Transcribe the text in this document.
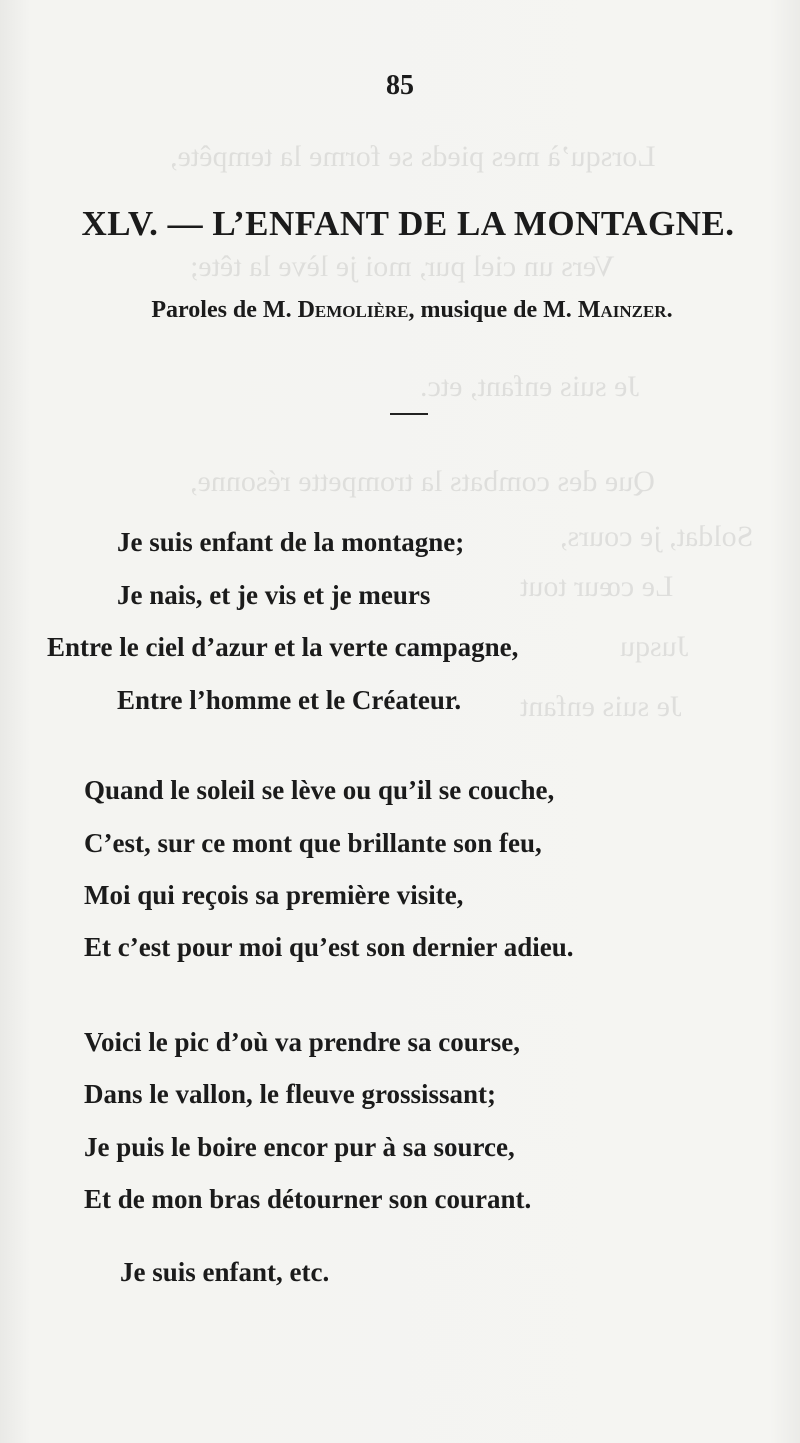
Lorsqu’à mes pieds se forme la tempête,
Vers un ciel pur, moi je lève la tête;
Je suis enfant, etc.
Que des combats la trompette résonne,
Soldat, je cours,
Le cœur tout
Jusqu
Je suis enfant
85
XLV. — L’ENFANT DE LA MONTAGNE.
Paroles de M. Demolière, musique de M. Mainzer.
Je suis enfant de la montagne;
Je nais, et je vis et je meurs
Entre le ciel d’azur et la verte campagne,
Entre l’homme et le Créateur.
Quand le soleil se lève ou qu’il se couche,
C’est, sur ce mont que brillante son feu,
Moi qui reçois sa première visite,
Et c’est pour moi qu’est son dernier adieu.
Voici le pic d’où va prendre sa course,
Dans le vallon, le fleuve grossissant;
Je puis le boire encor pur à sa source,
Et de mon bras détourner son courant.
Je suis enfant, etc.
